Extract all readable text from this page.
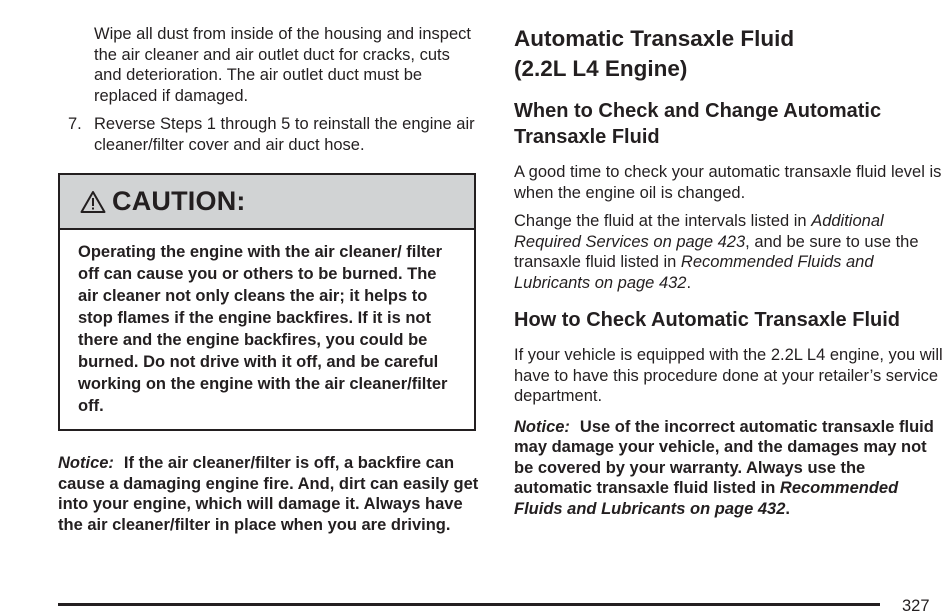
Wipe all dust from inside of the housing and inspect the air cleaner and air outlet duct for cracks, cuts and deterioration. The air outlet duct must be replaced if damaged.

7. Reverse Steps 1 through 5 to reinstall the engine air cleaner/filter cover and air duct hose.
CAUTION:
Operating the engine with the air cleaner/ filter off can cause you or others to be burned. The air cleaner not only cleans the air; it helps to stop flames if the engine backfires. If it is not there and the engine backfires, you could be burned. Do not drive with it off, and be careful working on the engine with the air cleaner/filter off.

Notice: If the air cleaner/filter is off, a backfire can cause a damaging engine fire. And, dirt can easily get into your engine, which will damage it. Always have the air cleaner/filter in place when you are driving.

Automatic Transaxle Fluid
(2.2L L4 Engine)
When to Check and Change Automatic Transaxle Fluid

A good time to check your automatic transaxle fluid level is when the engine oil is changed.

Change the fluid at the intervals listed in Additional Required Services on page 423, and be sure to use the transaxle fluid listed in Recommended Fluids and Lubricants on page 432.

How to Check Automatic Transaxle Fluid

If your vehicle is equipped with the 2.2L L4 engine, you will have to have this procedure done at your retailer’s service department.

Notice: Use of the incorrect automatic transaxle fluid may damage your vehicle, and the damages may not be covered by your warranty. Always use the automatic transaxle fluid listed in Recommended Fluids and Lubricants on page 432.

327
